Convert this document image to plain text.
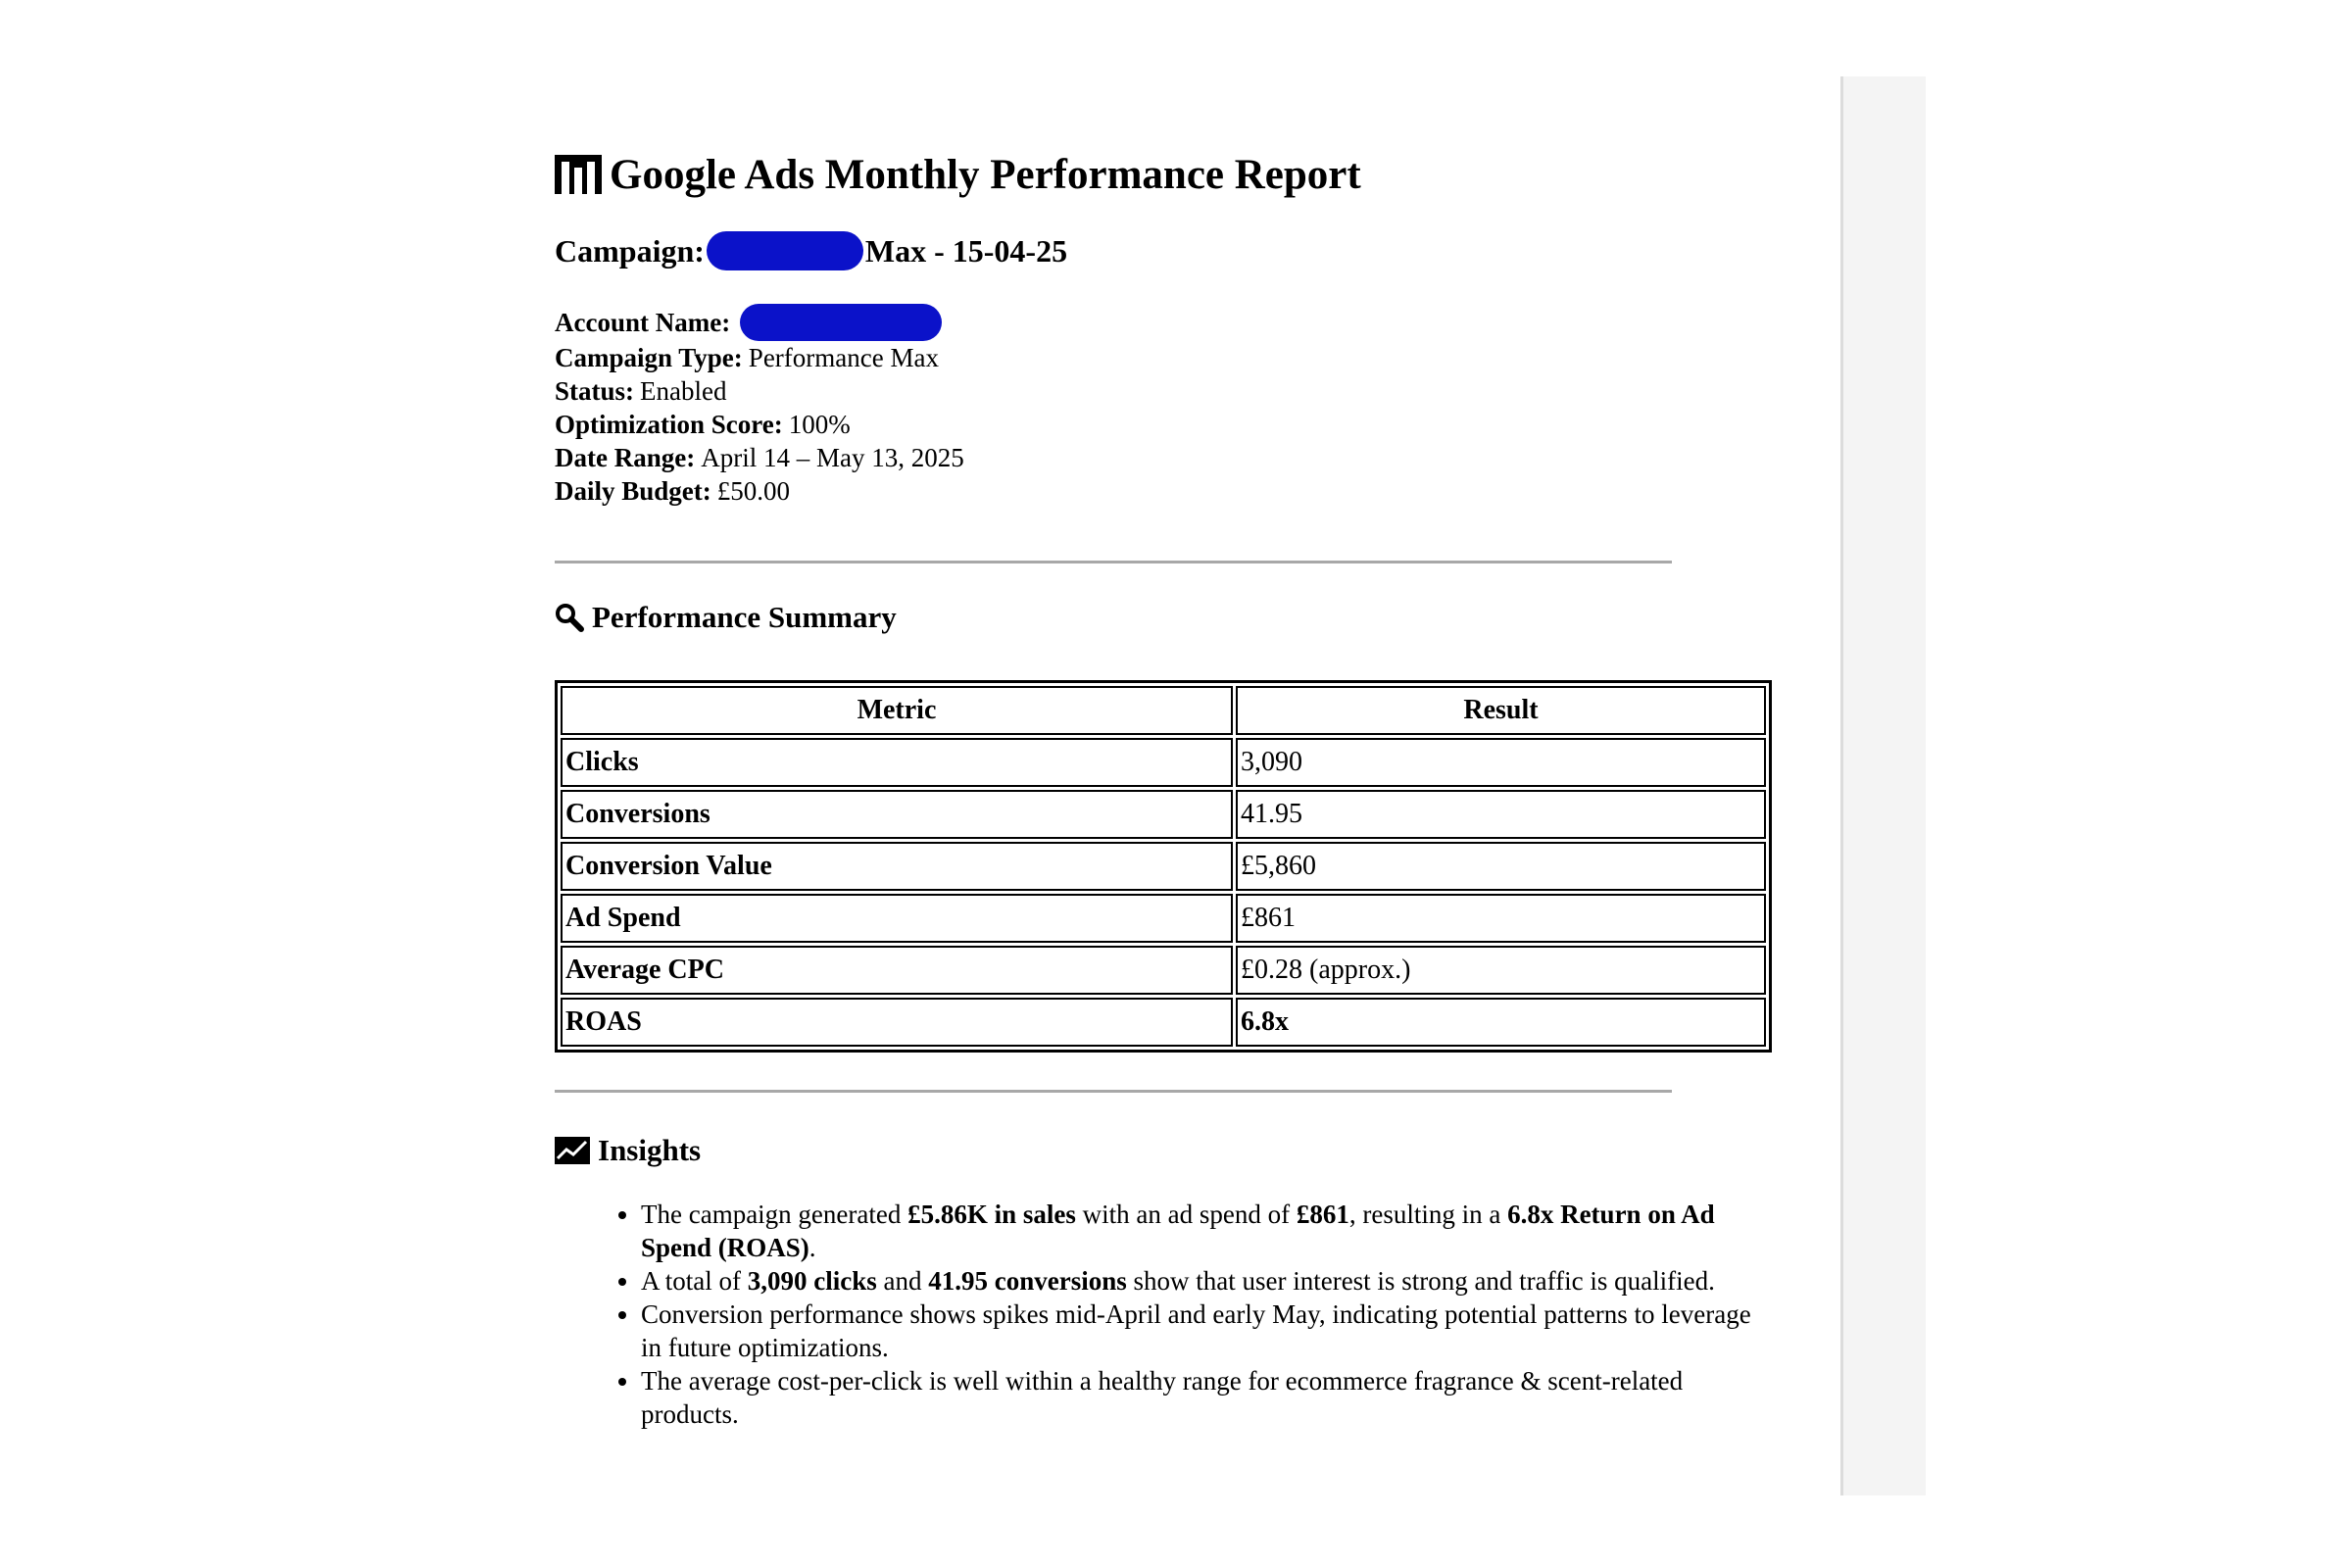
Google Ads Monthly Performance Report
Campaign:	Max - 15-04-25
Account Name:
Campaign Type: Performance Max
Status: Enabled
Optimization Score: 100%
Date Range: April 14 – May 13, 2025
Daily Budget: £50.00
Performance Summary
Metric	Result
Clicks	3,090
Conversions	41.95
Conversion Value	£5,860
Ad Spend	£861
Average CPC	£0.28 (approx.)
ROAS	6.8x
Insights
• The campaign generated £5.86K in sales with an ad spend of £861, resulting in a 6.8x Return on Ad Spend (ROAS).
• A total of 3,090 clicks and 41.95 conversions show that user interest is strong and traffic is qualified.
• Conversion performance shows spikes mid-April and early May, indicating potential patterns to leverage in future optimizations.
• The average cost-per-click is well within a healthy range for ecommerce fragrance & scent-related products.
